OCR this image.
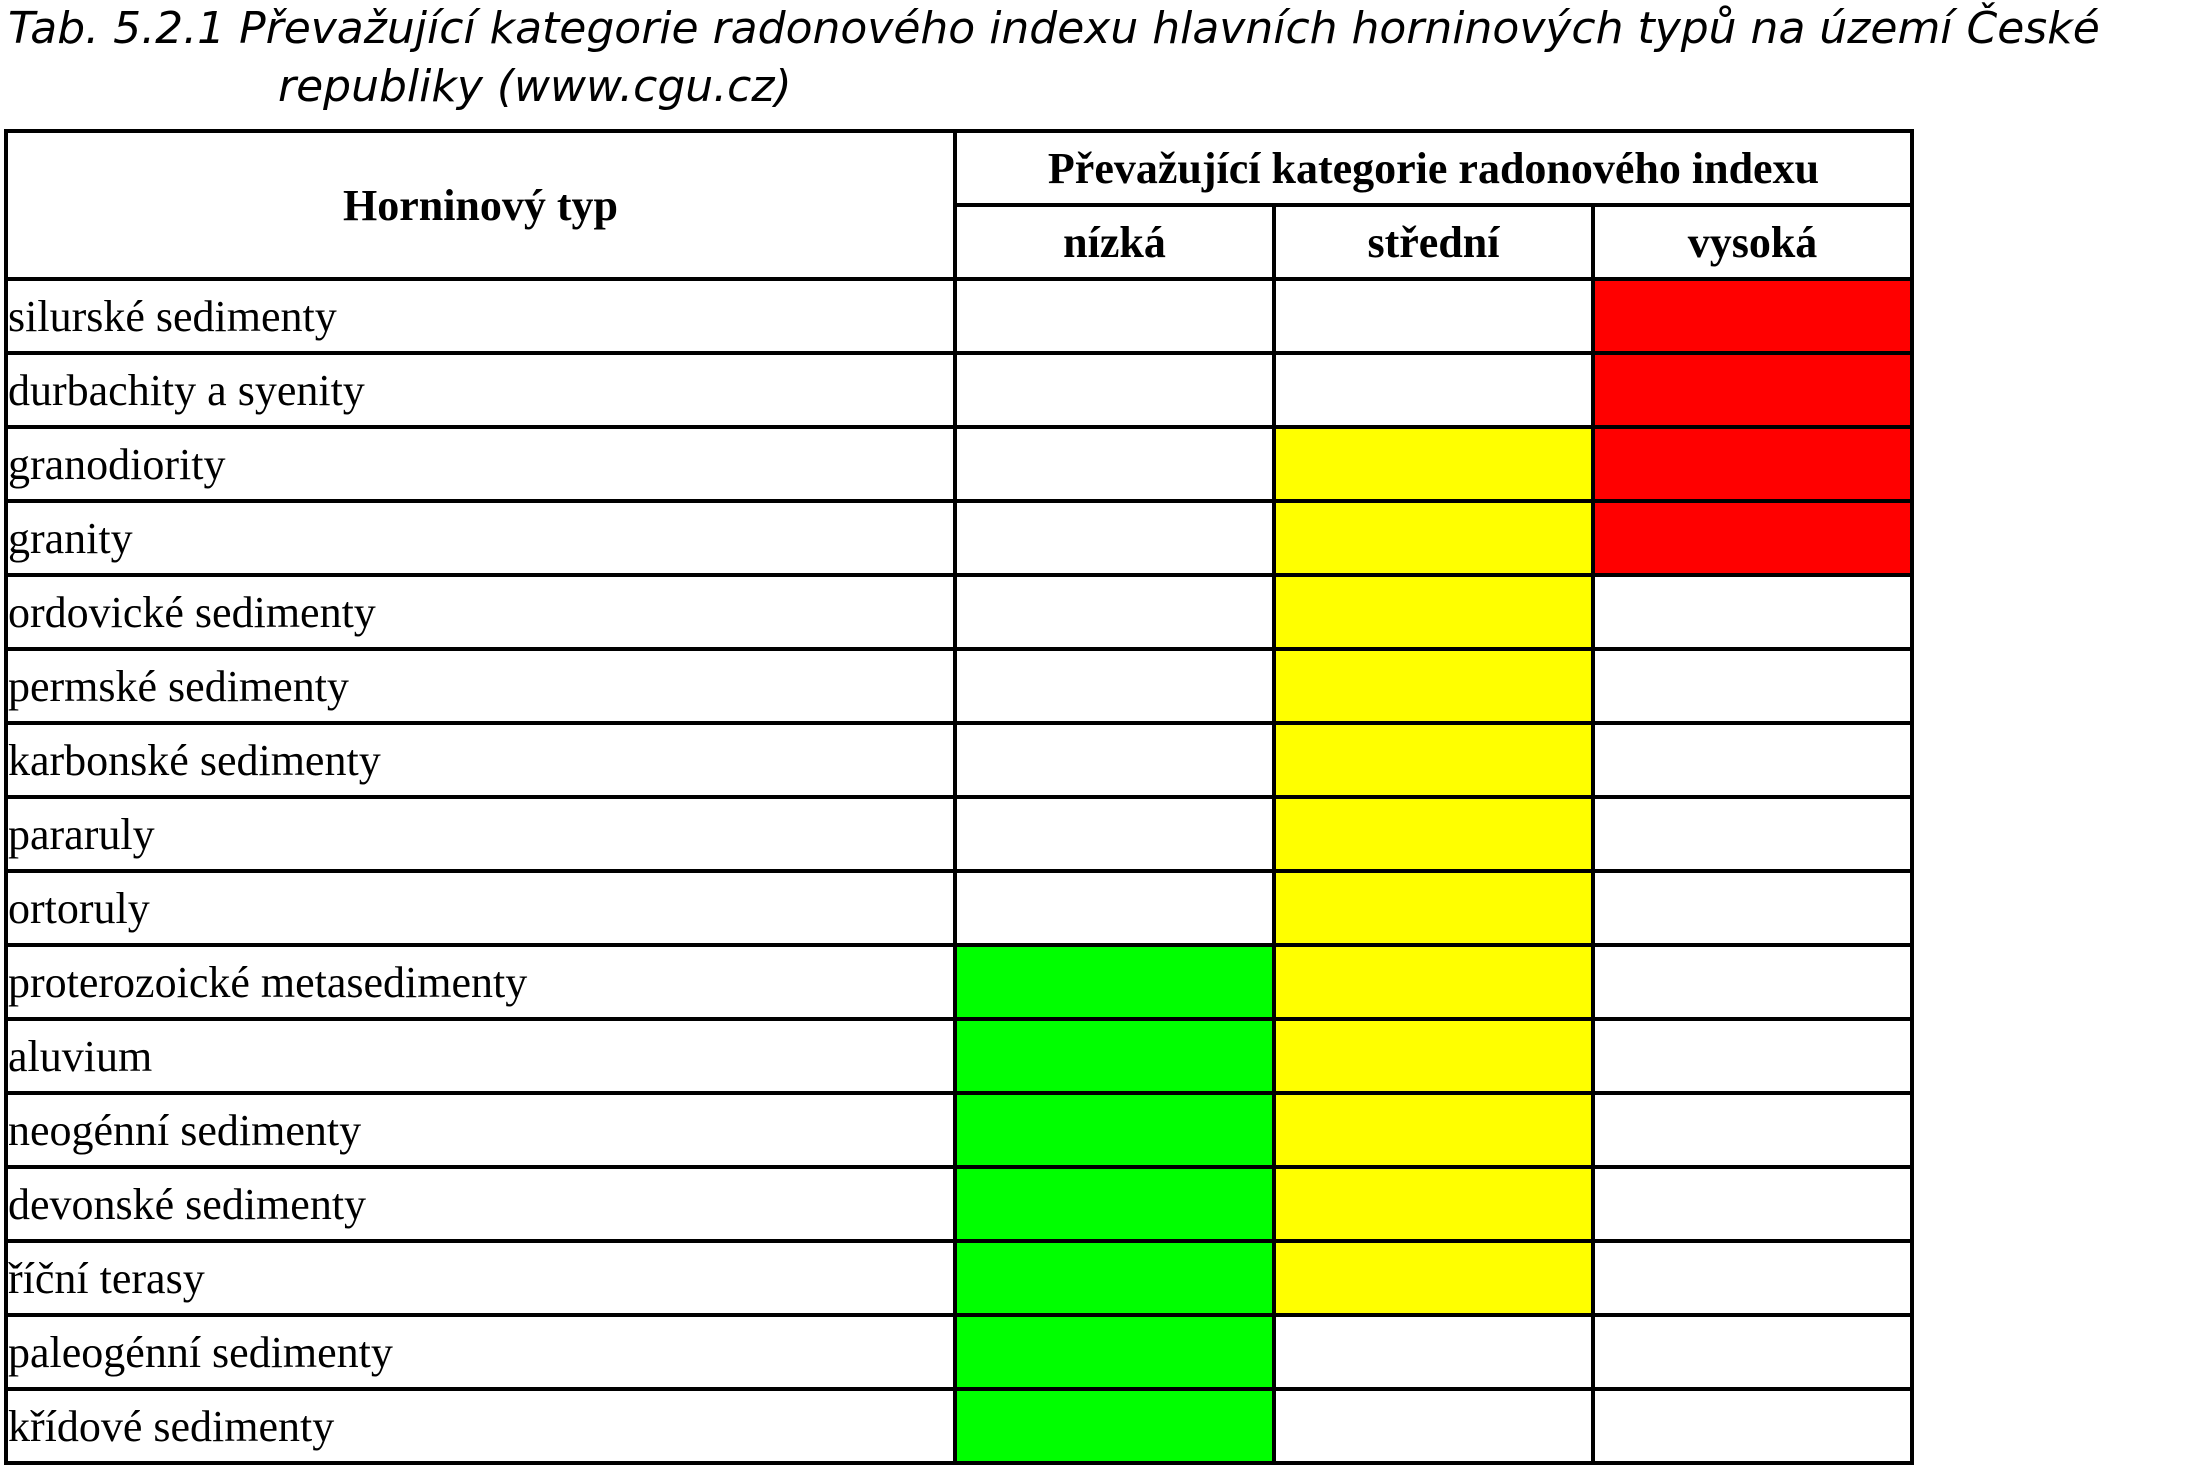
Tab. 5.2.1 Převažující kategorie radonového indexu hlavních horninových typů na území České
republiky (www.cgu.cz)
Horninový typ	Převažující kategorie radonového indexu		
	nízká	střední	vysoká
silurské sedimenty			
durbachity a syenity			
granodiority			
granity			
ordovické sedimenty			
permské sedimenty			
karbonské sedimenty			
pararuly			
ortoruly			
proterozoické metasedimenty			
aluvium			
neogénní sedimenty			
devonské sedimenty			
říční terasy			
paleogénní sedimenty			
křídové sedimenty			
